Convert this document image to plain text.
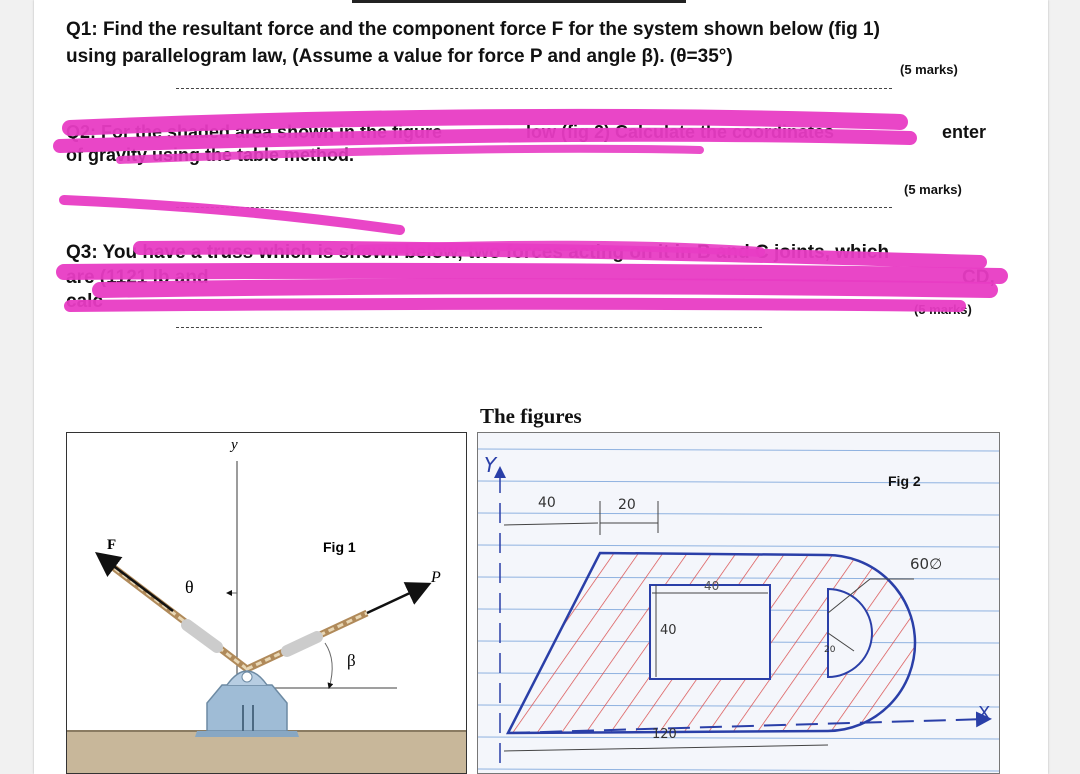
Q1: Find the resultant force and the component force F for the system shown below (fig 1)
using parallelogram law, (Assume a value for force P and angle β). (θ=35°)
(5 marks)
Q2: For the shaded area shown in the figure	low (fig 2) Calculate the coordinates	enter
of gravity using the table method.
(5 marks)
Q3: You have a truss which is shown below, two forces acting on it in B and C joints, which
are (1121 lb and	CD,
calc	(5 marks)
The figures
y
F	Fig 1
θ	P
β
Y
Fig 2
40	20
40
40
120
60∅
20
X
